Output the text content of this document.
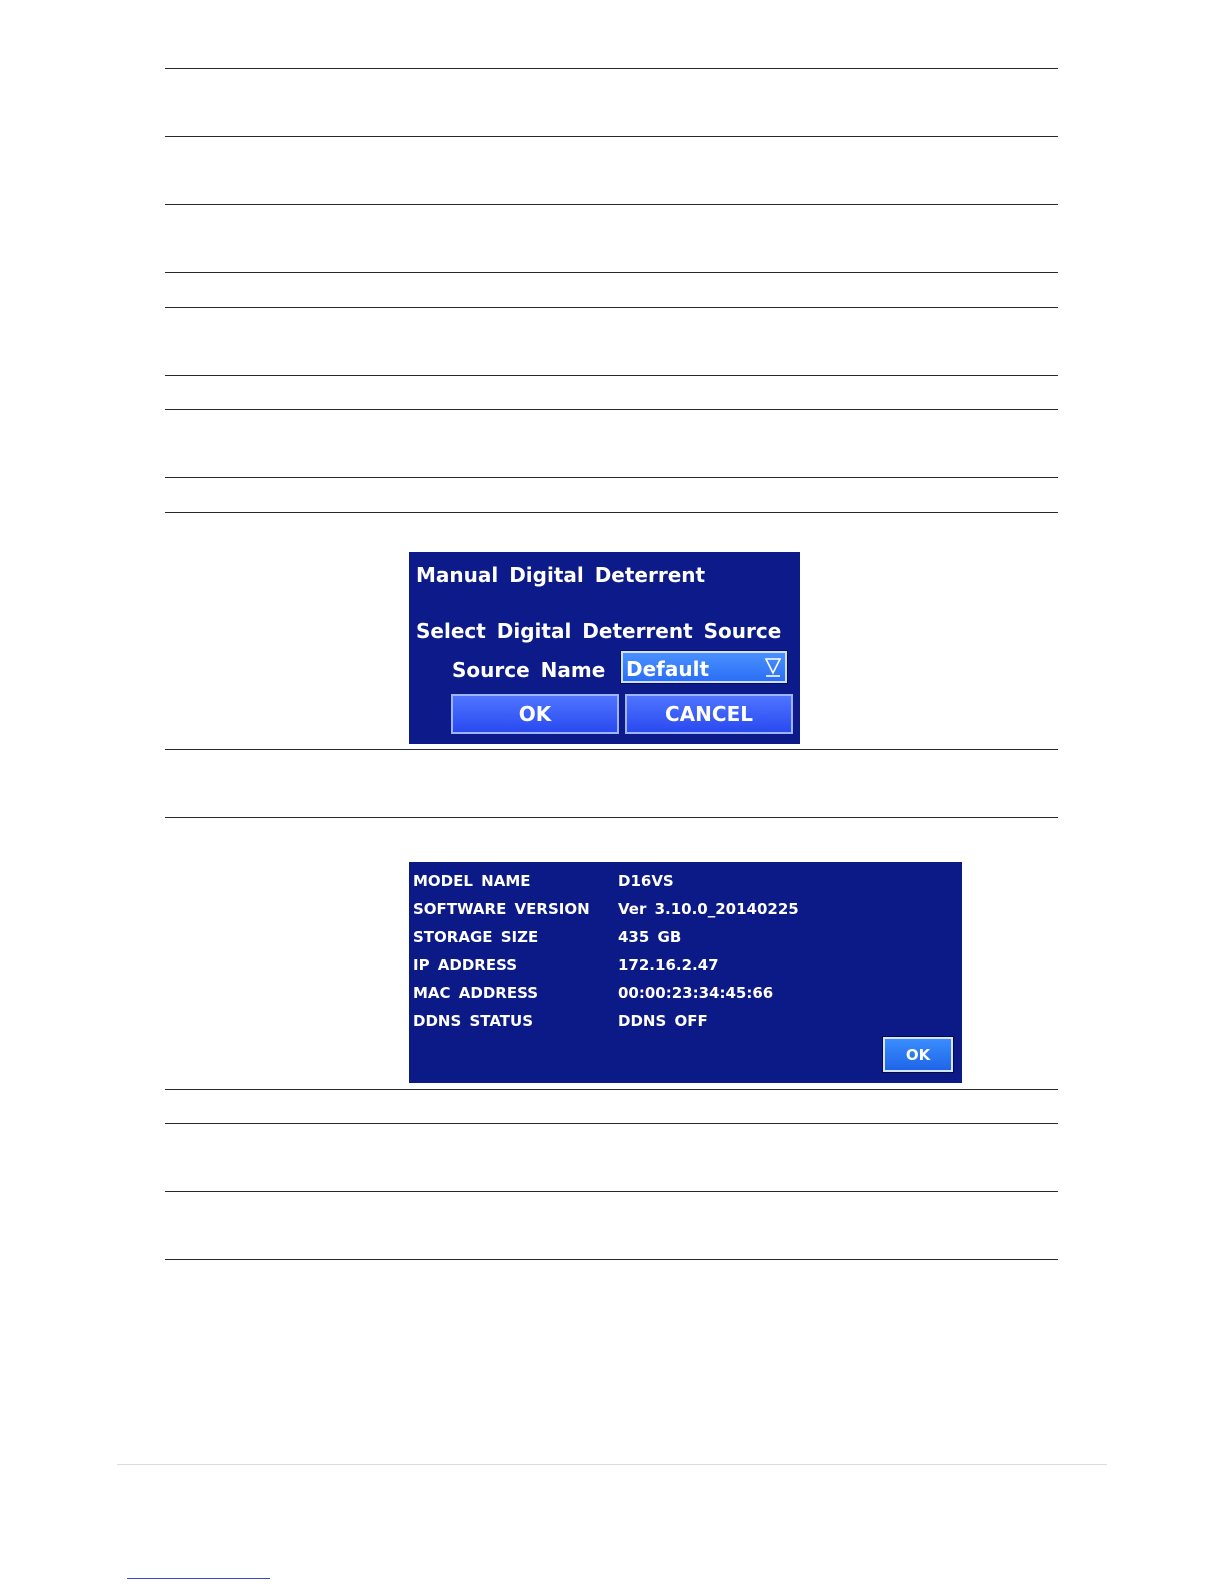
Manual Digital Deterrent
Select Digital Deterrent Source
Source Name Default
OK	CANCEL
MODEL NAME	D16VS
SOFTWARE VERSION Ver 3.10.0_20140225
STORAGE SIZE	435 GB
IP ADDRESS	172.16.2.47
MAC ADDRESS	00:00:23:34:45:66
DDNS STATUS	DDNS OFF
OK
